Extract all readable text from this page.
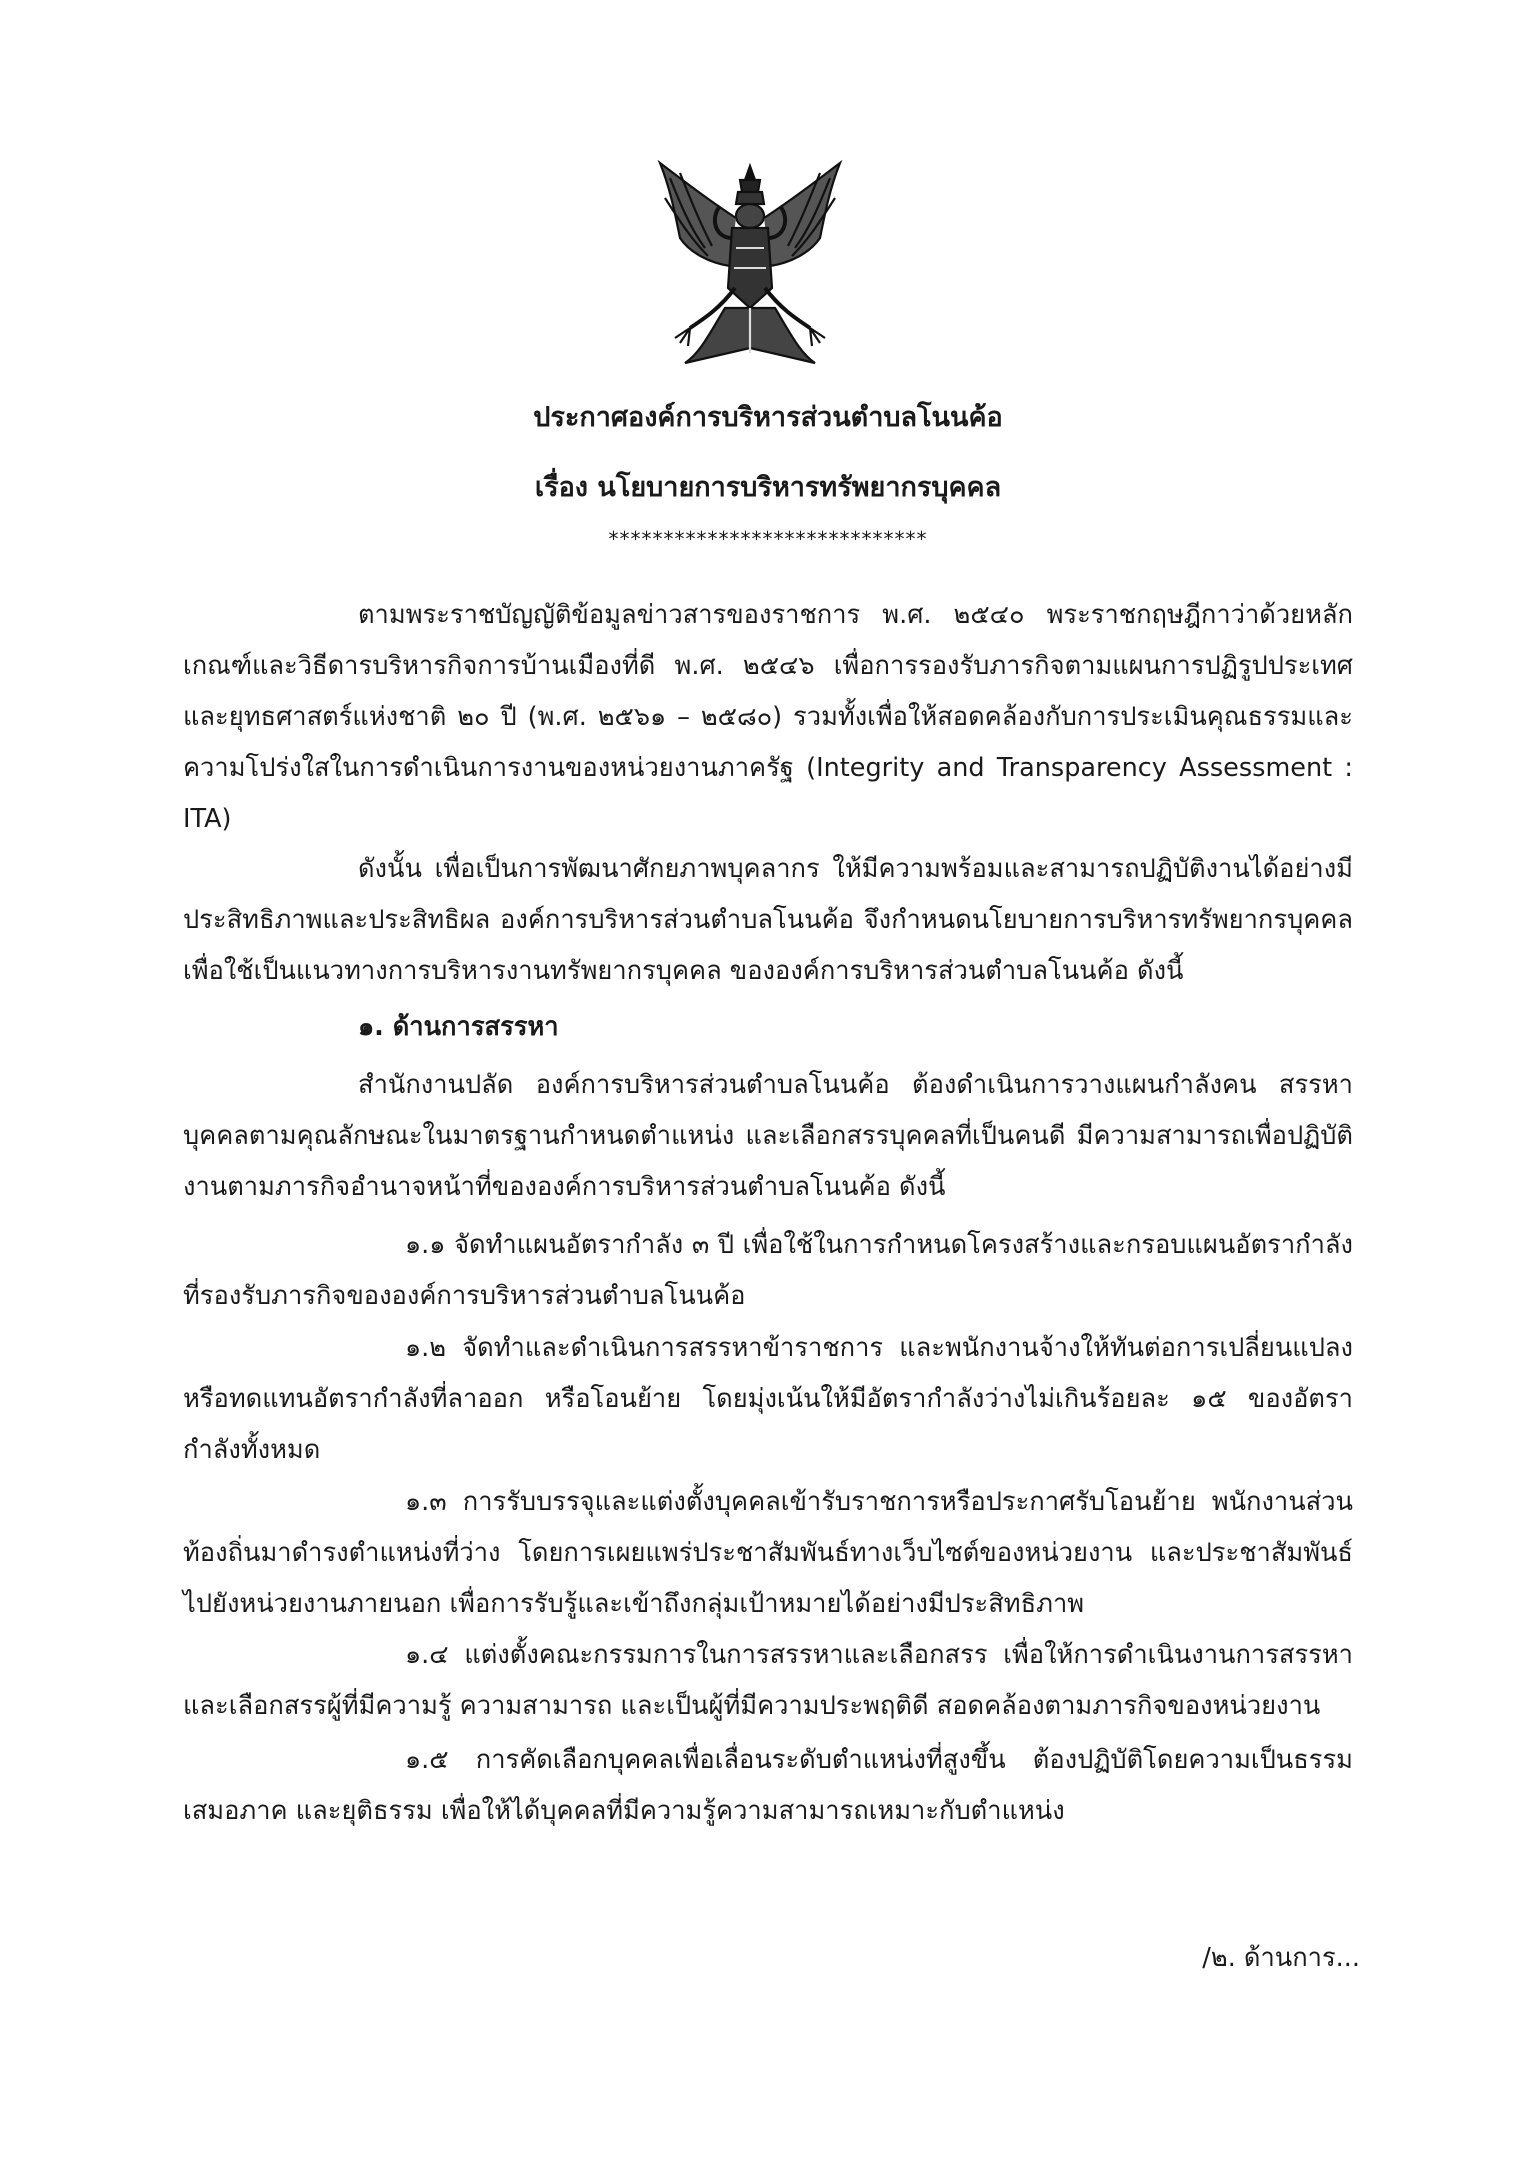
ประกาศองค์การบริหารส่วนตำบลโนนค้อ
เรื่อง นโยบายการบริหารทรัพยากรบุคคล
*****************************

ตามพระราชบัญญัติข้อมูลข่าวสารของราชการ พ.ศ. ๒๕๔๐ พระราชกฤษฎีกาว่าด้วยหลักเกณฑ์และวิธีดารบริหารกิจการบ้านเมืองที่ดี พ.ศ. ๒๕๔๖ เพื่อการรองรับภารกิจตามแผนการปฏิรูปประเทศและยุทธศาสตร์แห่งชาติ ๒๐ ปี (พ.ศ. ๒๕๖๑ – ๒๕๘๐) รวมทั้งเพื่อให้สอดคล้องกับการประเมินคุณธรรมและความโปร่งใสในการดำเนินการงานของหน่วยงานภาครัฐ (Integrity and Transparency Assessment : ITA)

ดังนั้น เพื่อเป็นการพัฒนาศักยภาพบุคลากร ให้มีความพร้อมและสามารถปฏิบัติงานได้อย่างมีประสิทธิภาพและประสิทธิผล องค์การบริหารส่วนตำบลโนนค้อ จึงกำหนดนโยบายการบริหารทรัพยากรบุคคลเพื่อใช้เป็นแนวทางการบริหารงานทรัพยากรบุคคล ขององค์การบริหารส่วนตำบลโนนค้อ ดังนี้

๑. ด้านการสรรหา

สำนักงานปลัด องค์การบริหารส่วนตำบลโนนค้อ ต้องดำเนินการวางแผนกำลังคน สรรหาบุคคลตามคุณลักษณะในมาตรฐานกำหนดตำแหน่ง และเลือกสรรบุคคลที่เป็นคนดี มีความสามารถเพื่อปฏิบัติงานตามภารกิจอำนาจหน้าที่ขององค์การบริหารส่วนตำบลโนนค้อ ดังนี้

๑.๑ จัดทำแผนอัตรากำลัง ๓ ปี เพื่อใช้ในการกำหนดโครงสร้างและกรอบแผนอัตรากำลังที่รองรับภารกิจขององค์การบริหารส่วนตำบลโนนค้อ

๑.๒ จัดทำและดำเนินการสรรหาข้าราชการ และพนักงานจ้างให้ทันต่อการเปลี่ยนแปลงหรือทดแทนอัตรากำลังที่ลาออก หรือโอนย้าย โดยมุ่งเน้นให้มีอัตรากำลังว่างไม่เกินร้อยละ ๑๕ ของอัตรากำลังทั้งหมด

๑.๓ การรับบรรจุและแต่งตั้งบุคคลเข้ารับราชการหรือประกาศรับโอนย้าย พนักงานส่วนท้องถิ่นมาดำรงตำแหน่งที่ว่าง โดยการเผยแพร่ประชาสัมพันธ์ทางเว็บไซต์ของหน่วยงาน และประชาสัมพันธ์ไปยังหน่วยงานภายนอก เพื่อการรับรู้และเข้าถึงกลุ่มเป้าหมายได้อย่างมีประสิทธิภาพ

๑.๔ แต่งตั้งคณะกรรมการในการสรรหาและเลือกสรร เพื่อให้การดำเนินงานการสรรหาและเลือกสรรผู้ที่มีความรู้ ความสามารถ และเป็นผู้ที่มีความประพฤติดี สอดคล้องตามภารกิจของหน่วยงาน

๑.๕ การคัดเลือกบุคคลเพื่อเลื่อนระดับตำแหน่งที่สูงขึ้น ต้องปฏิบัติโดยความเป็นธรรม เสมอภาค และยุติธรรม เพื่อให้ได้บุคคลที่มีความรู้ความสามารถเหมาะกับตำแหน่ง

/๒. ด้านการ...
